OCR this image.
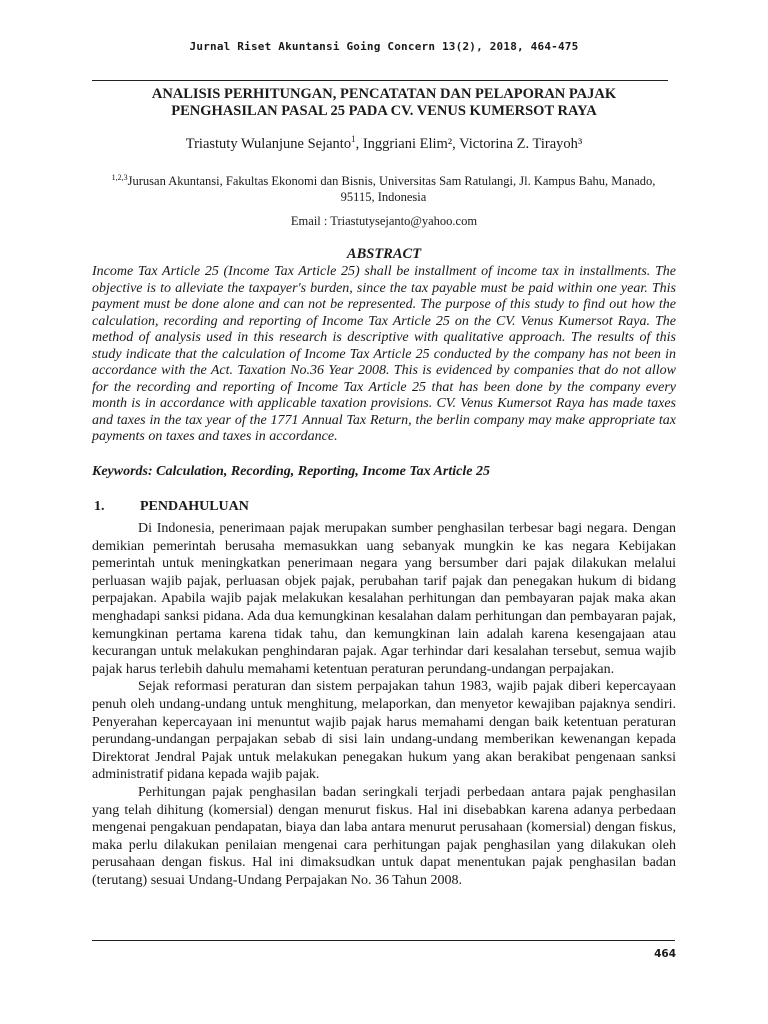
Jurnal Riset Akuntansi Going Concern 13(2), 2018, 464-475
ANALISIS PERHITUNGAN, PENCATATAN DAN PELAPORAN PAJAK
PENGHASILAN PASAL 25 PADA CV. VENUS KUMERSOT RAYA
Triastuty Wulanjune Sejanto$^1$, Inggriani Elim², Victorina Z. Tirayoh³
$^{1,2,3}$Jurusan Akuntansi, Fakultas Ekonomi dan Bisnis, Universitas Sam Ratulangi, Jl. Kampus Bahu, Manado,
95115, Indonesia
Email : Triastutysejanto@yahoo.com
ABSTRACT

Income Tax Article 25 (Income Tax Article 25) shall be installment of income tax in installments. The objective is to alleviate the taxpayer's burden, since the tax payable must be paid within one year. This payment must be done alone and can not be represented. The purpose of this study to find out how the calculation, recording and reporting of Income Tax Article 25 on the CV. Venus Kumersot Raya. The method of analysis used in this research is descriptive with qualitative approach. The results of this study indicate that the calculation of Income Tax Article 25 conducted by the company has not been in accordance with the Act. Taxation No.36 Year 2008. This is evidenced by companies that do not allow for the recording and reporting of Income Tax Article 25 that has been done by the company every month is in accordance with applicable taxation provisions. CV. Venus Kumersot Raya has made taxes and taxes in the tax year of the 1771 Annual Tax Return, the berlin company may make appropriate tax payments on taxes and taxes in accordance.

Keywords: Calculation, Recording, Reporting, Income Tax Article 25
1.	PENDAHULUAN

Di Indonesia, penerimaan pajak merupakan sumber penghasilan terbesar bagi negara. Dengan demikian pemerintah berusaha memasukkan uang sebanyak mungkin ke kas negara Kebijakan pemerintah untuk meningkatkan penerimaan negara yang bersumber dari pajak dilakukan melalui perluasan wajib pajak, perluasan objek pajak, perubahan tarif pajak dan penegakan hukum di bidang perpajakan. Apabila wajib pajak melakukan kesalahan perhitungan dan pembayaran pajak maka akan menghadapi sanksi pidana. Ada dua kemungkinan kesalahan dalam perhitungan dan pembayaran pajak, kemungkinan pertama karena tidak tahu, dan kemungkinan lain adalah karena kesengajaan atau kecurangan untuk melakukan penghindaran pajak. Agar terhindar dari kesalahan tersebut, semua wajib pajak harus terlebih dahulu memahami ketentuan peraturan perundang-undangan perpajakan.

Sejak reformasi peraturan dan sistem perpajakan tahun 1983, wajib pajak diberi kepercayaan penuh oleh undang-undang untuk menghitung, melaporkan, dan menyetor kewajiban pajaknya sendiri. Penyerahan kepercayaan ini menuntut wajib pajak harus memahami dengan baik ketentuan peraturan perundang-undangan perpajakan sebab di sisi lain undang-undang memberikan kewenangan kepada Direktorat Jendral Pajak untuk melakukan penegakan hukum yang akan berakibat pengenaan sanksi administratif pidana kepada wajib pajak.

Perhitungan pajak penghasilan badan seringkali terjadi perbedaan antara pajak penghasilan yang telah dihitung (komersial) dengan menurut fiskus. Hal ini disebabkan karena adanya perbedaan mengenai pengakuan pendapatan, biaya dan laba antara menurut perusahaan (komersial) dengan fiskus, maka perlu dilakukan penilaian mengenai cara perhitungan pajak penghasilan yang dilakukan oleh perusahaan dengan fiskus. Hal ini dimaksudkan untuk dapat menentukan pajak penghasilan badan (terutang) sesuai Undang-Undang Perpajakan No. 36 Tahun 2008.

464
